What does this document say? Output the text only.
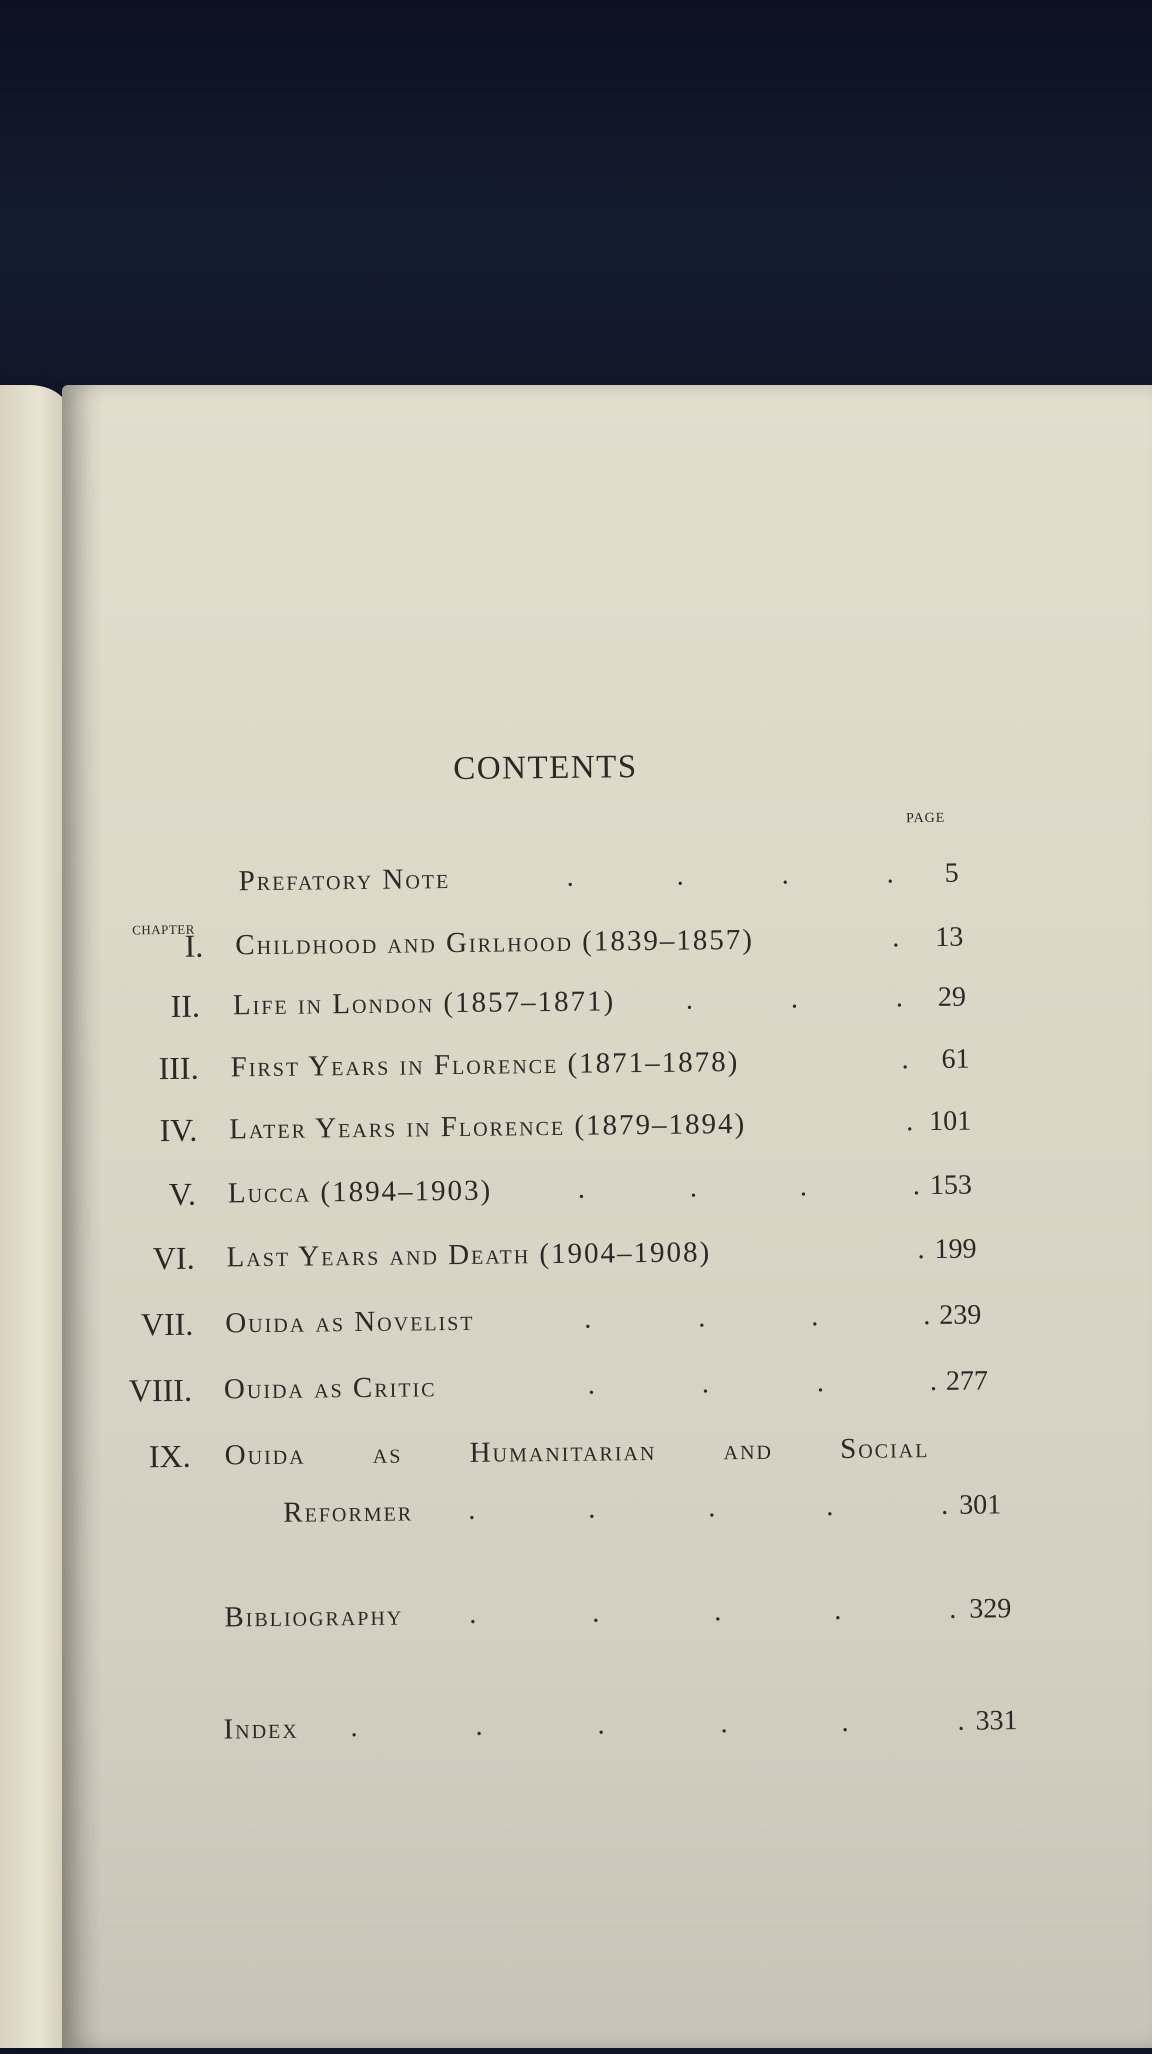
CONTENTS
PAGE
CHAPTER
Prefatory Note	.	.	.	. 5
I. Childhood and Girlhood (1839–1857)	. 13
II. Life in London (1857–1871)	.	.	. 29
III. First Years in Florence (1871–1878)	. 61
IV. Later Years in Florence (1879–1894)	. 101
V. Lucca (1894–1903)	.	.	.	. 153
VI. Last Years and Death (1904–1908)	. 199
VII. Ouida as Novelist	.	.	.	. 239
VIII. Ouida as Critic	.	.	.	. 277
IX. Ouida as Humanitarian and Social
Reformer .	.	.	.	. 301
Bibliography .	.	.	.	. 329
Index .	.	.	.	.	. 331
